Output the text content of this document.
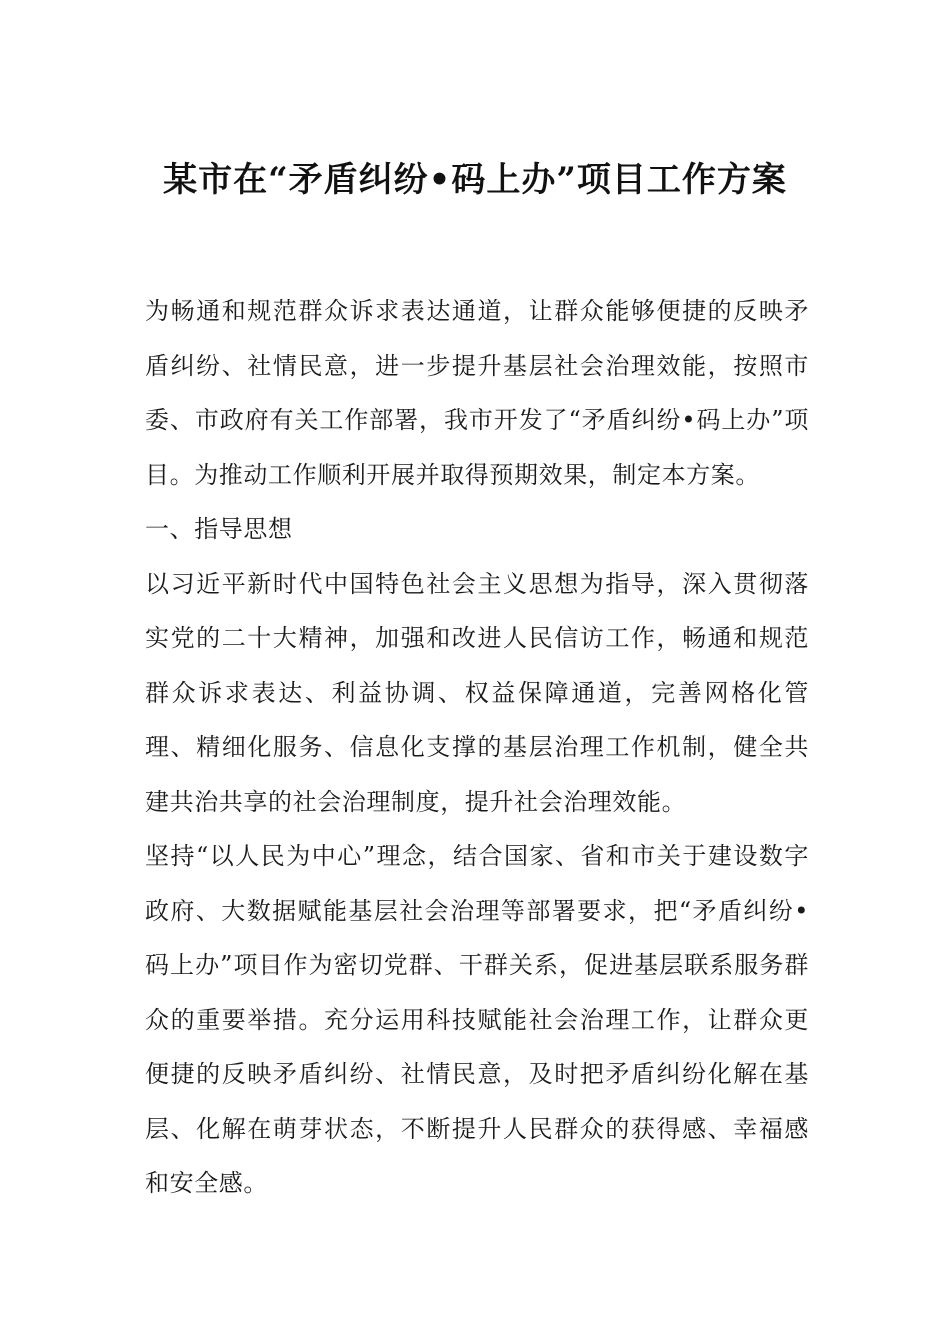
某市在“矛盾纠纷•码上办”项目工作方案

为畅通和规范群众诉求表达通道，让群众能够便捷的反映矛盾纠纷、社情民意，进一步提升基层社会治理效能，按照市委、市政府有关工作部署，我市开发了“矛盾纠纷•码上办”项目。为推动工作顺利开展并取得预期效果，制定本方案。

一、指导思想

以习近平新时代中国特色社会主义思想为指导，深入贯彻落实党的二十大精神，加强和改进人民信访工作，畅通和规范群众诉求表达、利益协调、权益保障通道，完善网格化管理、精细化服务、信息化支撑的基层治理工作机制，健全共建共治共享的社会治理制度，提升社会治理效能。

坚持“以人民为中心”理念，结合国家、省和市关于建设数字政府、大数据赋能基层社会治理等部署要求，把“矛盾纠纷•码上办”项目作为密切党群、干群关系，促进基层联系服务群众的重要举措。充分运用科技赋能社会治理工作，让群众更便捷的反映矛盾纠纷、社情民意，及时把矛盾纠纷化解在基层、化解在萌芽状态，不断提升人民群众的获得感、幸福感和安全感。
